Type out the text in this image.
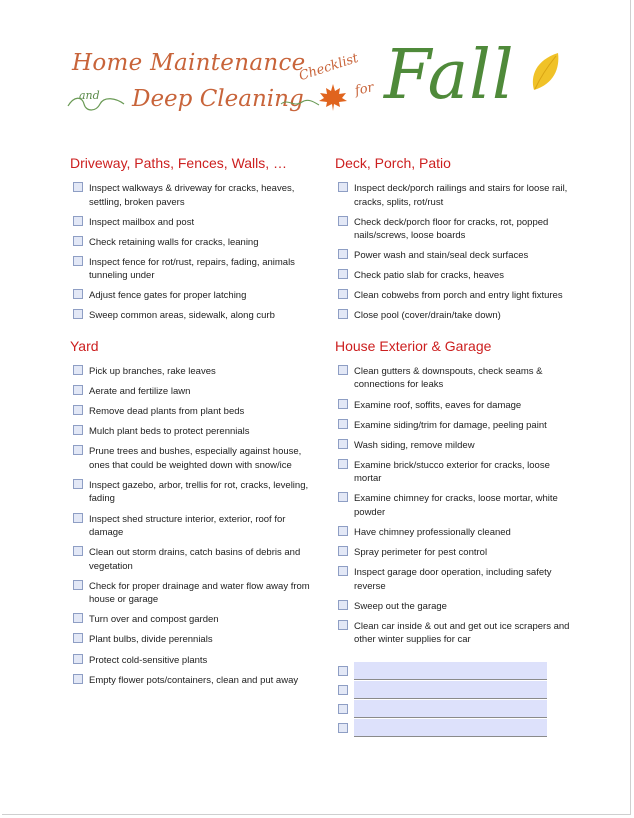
Home Maintenance
and Deep Cleaning
Checklist
for Fall
Driveway, Paths, Fences, Walls, …
Inspect walkways & driveway for cracks, heaves, settling, broken pavers
Inspect mailbox and post
Check retaining walls for cracks, leaning
Inspect fence for rot/rust, repairs, fading, animals tunneling under
Adjust fence gates for proper latching
Sweep common areas, sidewalk, along curb
Yard
Pick up branches, rake leaves
Aerate and fertilize lawn
Remove dead plants from plant beds
Mulch plant beds to protect perennials
Prune trees and bushes, especially against house, ones that could be weighted down with snow/ice
Inspect gazebo, arbor, trellis for rot, cracks, leveling, fading
Inspect shed structure interior, exterior, roof for damage
Clean out storm drains, catch basins of debris and vegetation
Check for proper drainage and water flow away from house or garage
Turn over and compost garden
Plant bulbs, divide perennials
Protect cold-sensitive plants
Empty flower pots/containers, clean and put away
Deck, Porch, Patio
Inspect deck/porch railings and stairs for loose rail, cracks, splits, rot/rust
Check deck/porch floor for cracks, rot, popped nails/screws, loose boards
Power wash and stain/seal deck surfaces
Check patio slab for cracks, heaves
Clean cobwebs from porch and entry light fixtures
Close pool (cover/drain/take down)
House Exterior & Garage
Clean gutters & downspouts, check seams & connections for leaks
Examine roof, soffits, eaves for damage
Examine siding/trim for damage, peeling paint
Wash siding, remove mildew
Examine brick/stucco exterior for cracks, loose mortar
Examine chimney for cracks, loose mortar, white powder
Have chimney professionally cleaned
Spray perimeter for pest control
Inspect garage door operation, including safety reverse
Sweep out the garage
Clean car inside & out and get out ice scrapers and other winter supplies for car
